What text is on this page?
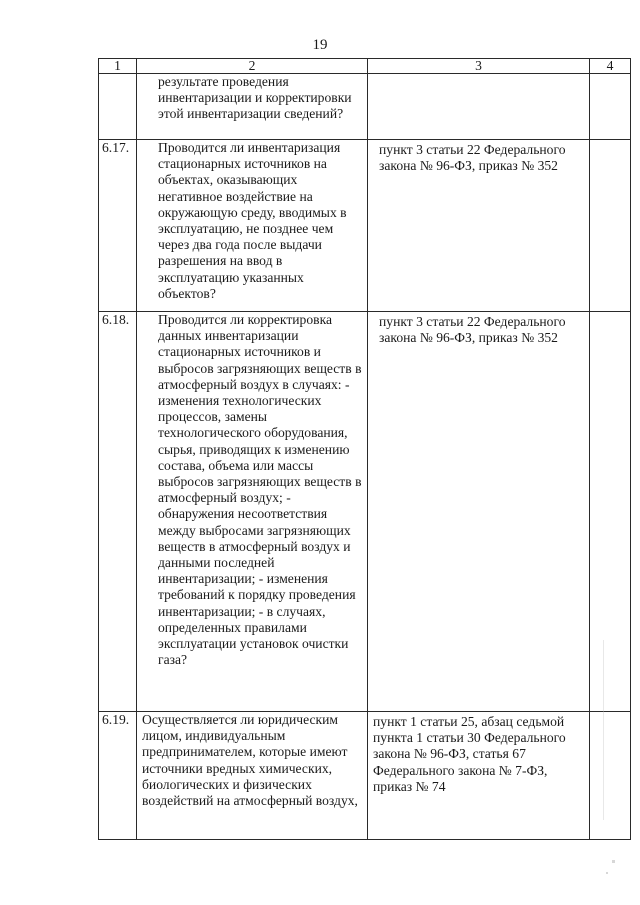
19
1	2	3	4

	результате проведения инвентаризации и корректировки этой инвентаризации сведений?		

6.17.	Проводится ли инвентаризация стационарных источников на объектах, оказывающих негативное воздействие на окружающую среду, вводимых в эксплуатацию, не позднее чем через два года после выдачи разрешения на ввод в эксплуатацию указанных объектов?	пункт 3 статьи 22 Федерального закона № 96-ФЗ, приказ № 352	

6.18.	Проводится ли корректировка данных инвентаризации стационарных источников и выбросов загрязняющих веществ в атмосферный воздух в случаях: - изменения технологических процессов, замены технологического оборудования, сырья, приводящих к изменению состава, объема или массы выбросов загрязняющих веществ в атмосферный воздух; - обнаружения несоответствия между выбросами загрязняющих веществ в атмосферный воздух и данными последней инвентаризации; - изменения требований к порядку проведения инвентаризации; - в случаях, определенных правилами эксплуатации установок очистки газа?	пункт 3 статьи 22 Федерального закона № 96-ФЗ, приказ № 352	

6.19.	Осуществляется ли юридическим лицом, индивидуальным предпринимателем, которые имеют источники вредных химических, биологических и физических воздействий на атмосферный воздух,	пункт 1 статьи 25, абзац седьмой пункта 1 статьи 30 Федерального закона № 96-ФЗ, статья 67 Федерального закона № 7-ФЗ, приказ № 74	
